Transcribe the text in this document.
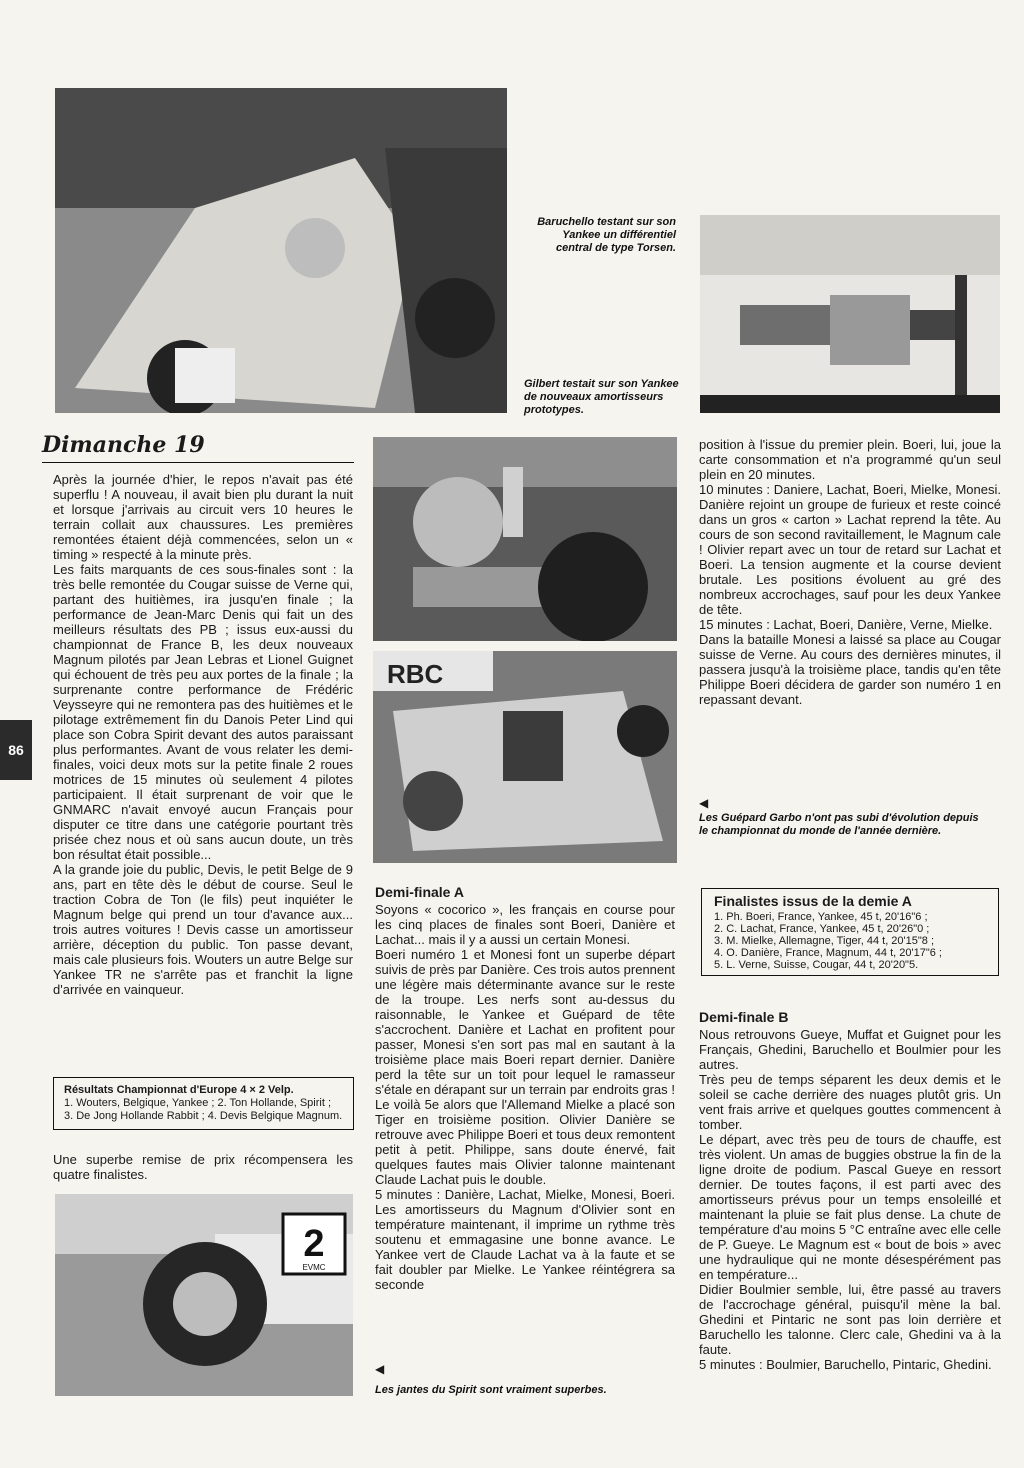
86
Baruchello testant sur son Yankee un différentiel central de type Torsen.
Gilbert testait sur son Yankee de nouveaux amortisseurs prototypes.
Dimanche 19

Après la journée d'hier, le repos n'avait pas été superflu ! A nouveau, il avait bien plu durant la nuit et lorsque j'arrivais au circuit vers 10 heures le terrain collait aux chaussures. Les premières remontées étaient déjà commencées, selon un « timing » respecté à la minute près.

Les faits marquants de ces sous-finales sont : la très belle remontée du Cougar suisse de Verne qui, partant des huitièmes, ira jusqu'en finale ; la performance de Jean-Marc Denis qui fait un des meilleurs résultats des PB ; issus eux-aussi du championnat de France B, les deux nouveaux Magnum pilotés par Jean Lebras et Lionel Guignet qui échouent de très peu aux portes de la finale ; la surprenante contre performance de Frédéric Veysseyre qui ne remontera pas des huitièmes et le pilotage extrêmement fin du Danois Peter Lind qui place son Cobra Spirit devant des autos paraissant plus performantes. Avant de vous relater les demi-finales, voici deux mots sur la petite finale 2 roues motrices de 15 minutes où seulement 4 pilotes participaient. Il était surprenant de voir que le GNMARC n'avait envoyé aucun Français pour disputer ce titre dans une catégorie pourtant très prisée chez nous et où sans aucun doute, un très bon résultat était possible...

A la grande joie du public, Devis, le petit Belge de 9 ans, part en tête dès le début de course. Seul le traction Cobra de Ton (le fils) peut inquiéter le Magnum belge qui prend un tour d'avance aux... trois autres voitures ! Devis casse un amortisseur arrière, déception du public. Ton passe devant, mais cale plusieurs fois. Wouters un autre Belge sur Yankee TR ne s'arrête pas et franchit la ligne d'arrivée en vainqueur.

Résultats Championnat d'Europe 4 × 2 Velp.
1. Wouters, Belgique, Yankee ; 2. Ton Hollande, Spirit ; 3. De Jong Hollande Rabbit ; 4. Devis Belgique Magnum.

Une superbe remise de prix récompensera les quatre finalistes.

2
EVMC
RBC
Demi-finale A

Soyons « cocorico », les français en course pour les cinq places de finales sont Boeri, Danière et Lachat... mais il y a aussi un certain Monesi.

Boeri numéro 1 et Monesi font un superbe départ suivis de près par Danière. Ces trois autos prennent une légère mais déterminante avance sur le reste de la troupe. Les nerfs sont au-dessus du raisonnable, le Yankee et Guépard de tête s'accrochent. Danière et Lachat en profitent pour passer, Monesi s'en sort pas mal en sautant à la troisième place mais Boeri repart dernier. Danière perd la tête sur un toit pour lequel le ramasseur s'étale en dérapant sur un terrain par endroits gras ! Le voilà 5e alors que l'Allemand Mielke a placé son Tiger en troisième position. Olivier Danière se retrouve avec Philippe Boeri et tous deux remontent petit à petit. Philippe, sans doute énervé, fait quelques fautes mais Olivier talonne maintenant Claude Lachat puis le double.

5 minutes : Danière, Lachat, Mielke, Monesi, Boeri. Les amortisseurs du Magnum d'Olivier sont en température maintenant, il imprime un rythme très soutenu et emmagasine une bonne avance. Le Yankee vert de Claude Lachat va à la faute et se fait doubler par Mielke. Le Yankee réintégrera sa seconde

◀
Les jantes du Spirit sont vraiment superbes.

position à l'issue du premier plein. Boeri, lui, joue la carte consommation et n'a programmé qu'un seul plein en 20 minutes.

10 minutes : Daniere, Lachat, Boeri, Mielke, Monesi. Danière rejoint un groupe de furieux et reste coincé dans un gros « carton » Lachat reprend la tête. Au cours de son second ravitaillement, le Magnum cale ! Olivier repart avec un tour de retard sur Lachat et Boeri. La tension augmente et la course devient brutale. Les positions évoluent au gré des nombreux accrochages, sauf pour les deux Yankee de tête.

15 minutes : Lachat, Boeri, Danière, Verne, Mielke.

Dans la bataille Monesi a laissé sa place au Cougar suisse de Verne. Au cours des dernières minutes, il passera jusqu'à la troisième place, tandis qu'en tête Philippe Boeri décidera de garder son numéro 1 en repassant devant.

◀
Les Guépard Garbo n'ont pas subi d'évolution depuis le championnat du monde de l'année dernière.
Finalistes issus de la demie A
1. Ph. Boeri, France, Yankee, 45 t, 20'16"6 ;
2. C. Lachat, France, Yankee, 45 t, 20'26"0 ;
3. M. Mielke, Allemagne, Tiger, 44 t, 20'15"8 ;
4. O. Danière, France, Magnum, 44 t, 20'17"6 ;
5. L. Verne, Suisse, Cougar, 44 t, 20'20"5.
Demi-finale B

Nous retrouvons Gueye, Muffat et Guignet pour les Français, Ghedini, Baruchello et Boulmier pour les autres.

Très peu de temps séparent les deux demis et le soleil se cache derrière des nuages plutôt gris. Un vent frais arrive et quelques gouttes commencent à tomber.

Le départ, avec très peu de tours de chauffe, est très violent. Un amas de buggies obstrue la fin de la ligne droite de podium. Pascal Gueye en ressort dernier. De toutes façons, il est parti avec des amortisseurs prévus pour un temps ensoleillé et maintenant la pluie se fait plus dense. La chute de température d'au moins 5 °C entraîne avec elle celle de P. Gueye. Le Magnum est « bout de bois » avec une hydraulique qui ne monte désespérément pas en température...

Didier Boulmier semble, lui, être passé au travers de l'accrochage général, puisqu'il mène la bal. Ghedini et Pintaric ne sont pas loin derrière et Baruchello les talonne. Clerc cale, Ghedini va à la faute.

5 minutes : Boulmier, Baruchello, Pintaric, Ghedini.
